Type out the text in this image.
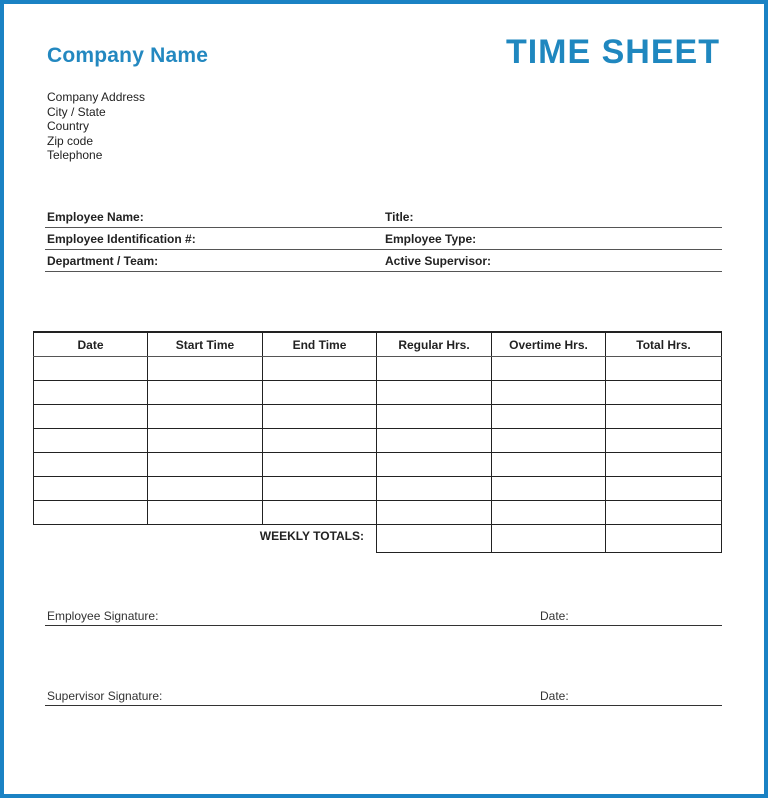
Company Name	TIME SHEET
Company Address
City / State
Country
Zip code
Telephone
Employee Name:	Title:
Employee Identification #:	Employee Type:
Department / Team:	Active Supervisor:
Date	Start Time	End Time	Regular Hrs.	Overtime Hrs.	Total Hrs.

WEEKLY TOTALS:					
Employee Signature:	Date:
Supervisor Signature:	Date:
